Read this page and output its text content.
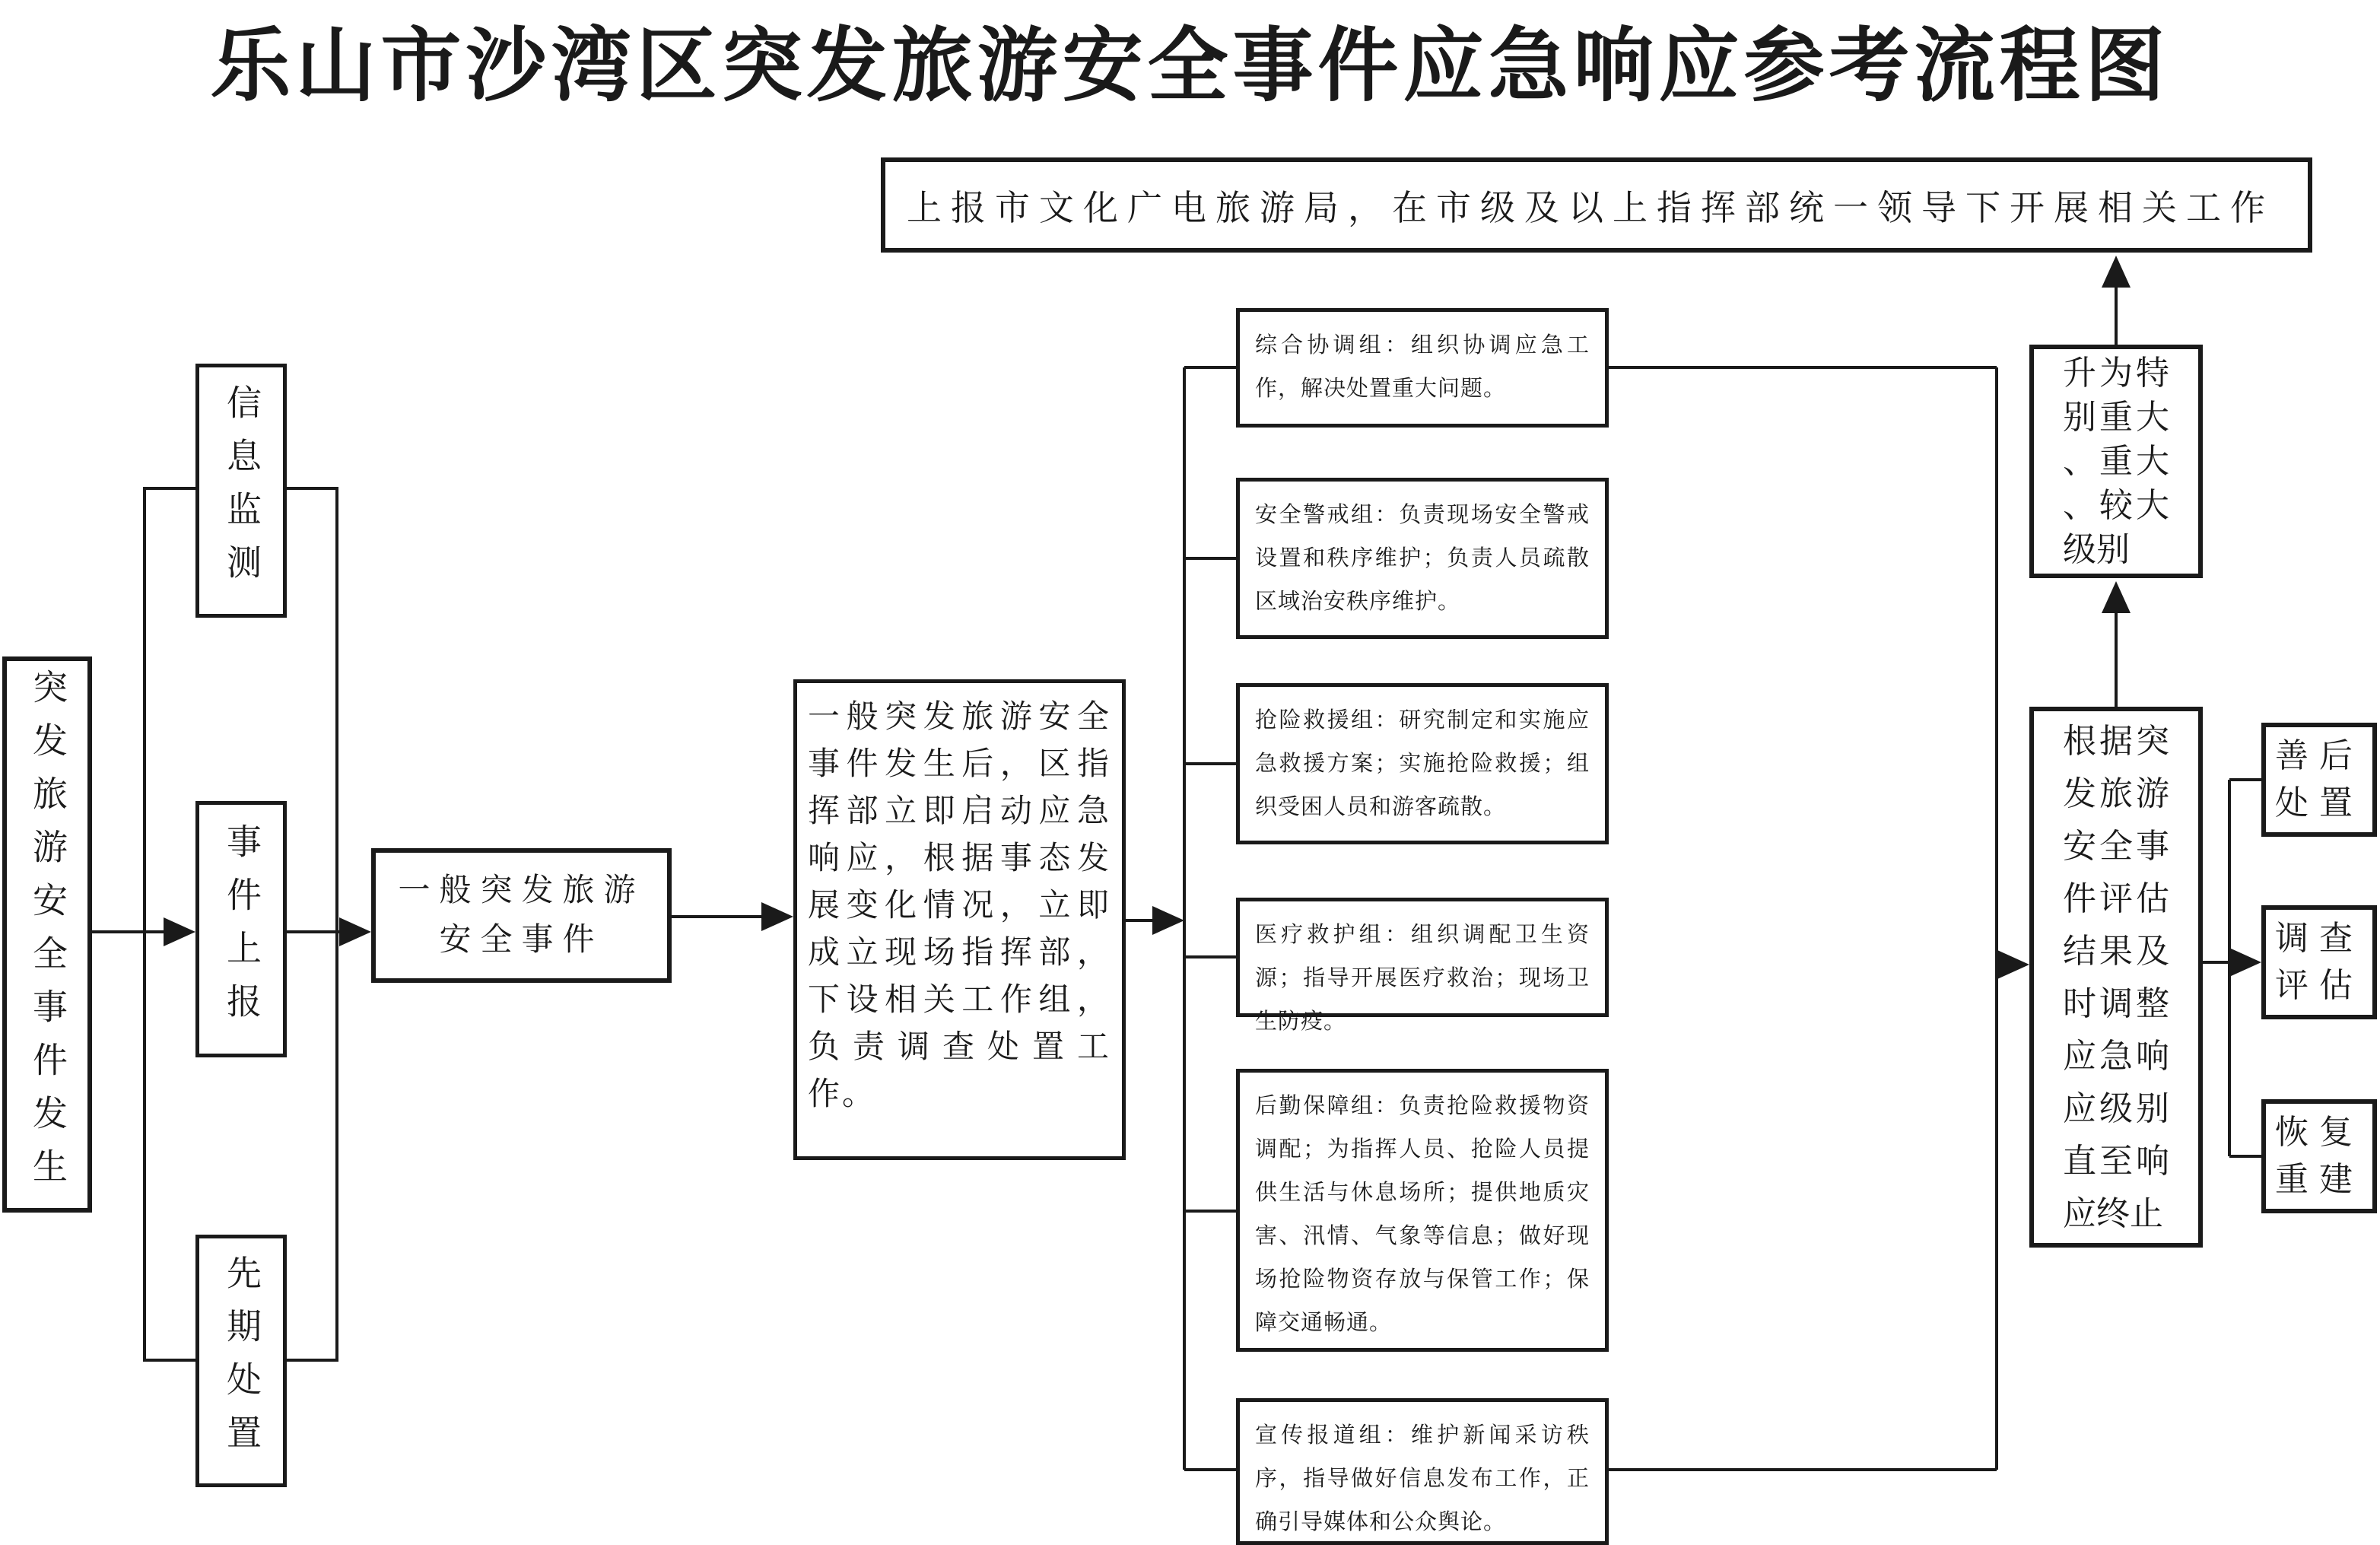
乐山市沙湾区突发旅游安全事件应急响应参考流程图
上报市文化广电旅游局，在市级及以上指挥部统一领导下开展相关工作
突发旅游安全事件发生
信息监测
事件上报
先期处置
一般突发旅游安全事件
一般突发旅游安全事件发生后，区指挥部立即启动应急响应，根据事态发展变化情况，立即成立现场指挥部，下设相关工作组，负责调查处置工作。
综合协调组：组织协调应急工作，解决处置重大问题。
安全警戒组：负责现场安全警戒设置和秩序维护；负责人员疏散区域治安秩序维护。
抢险救援组：研究制定和实施应急救援方案；实施抢险救援；组织受困人员和游客疏散。
医疗救护组：组织调配卫生资源；指导开展医疗救治；现场卫生防疫。
后勤保障组：负责抢险救援物资调配；为指挥人员、抢险人员提供生活与休息场所；提供地质灾害、汛情、气象等信息；做好现场抢险物资存放与保管工作；保障交通畅通。
宣传报道组：维护新闻采访秩序，指导做好信息发布工作，正确引导媒体和公众舆论。
升为特别重大、重大、较大级别
根据突发旅游安全事件评估结果及时调整应急响应级别直至响应终止
善后处置
调查评估
恢复重建
